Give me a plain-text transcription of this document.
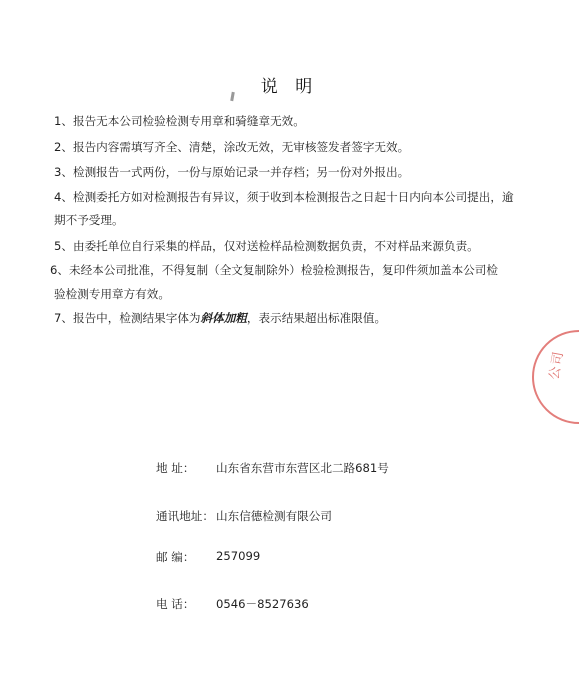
说 明
1、报告无本公司检验检测专用章和骑缝章无效。
2、报告内容需填写齐全、清楚，涂改无效，无审核签发者签字无效。
3、检测报告一式两份，一份与原始记录一并存档；另一份对外报出。
4、检测委托方如对检测报告有异议，须于收到本检测报告之日起十日内向本公司提出，逾
期不予受理。
5、由委托单位自行采集的样品，仅对送检样品检测数据负责，不对样品来源负责。
6、未经本公司批准，不得复制（全文复制除外）检验检测报告，复印件须加盖本公司检
验检测专用章方有效。
7、报告中，检测结果字体为斜体加粗，表示结果超出标准限值。
地 址： 山东省东营市东营区北二路681号
通讯地址： 山东信德检测有限公司
邮 编： 257099
电 话： 0546－8527636
公司
